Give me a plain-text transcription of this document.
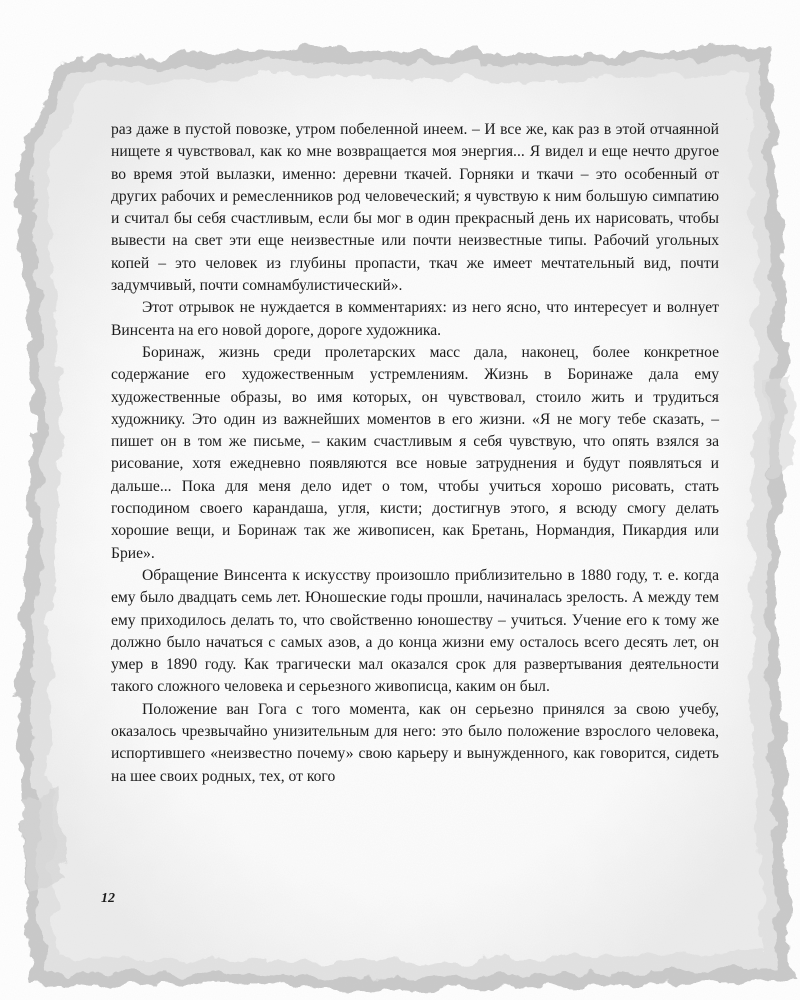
раз даже в пустой повозке, утром побеленной инеем. – И все же, как раз в этой отчаянной нищете я чувствовал, как ко мне возвращается моя энергия... Я видел и еще нечто другое во время этой вылазки, именно: деревни ткачей. Горняки и ткачи – это особенный от других рабочих и ремесленников род человеческий; я чувствую к ним большую симпатию и считал бы себя счастливым, если бы мог в один прекрасный день их нарисовать, чтобы вывести на свет эти еще неизвестные или почти неизвестные типы. Рабочий угольных копей – это человек из глубины пропасти, ткач же имеет мечтательный вид, почти задумчивый, почти сомнамбулистический».

Этот отрывок не нуждается в комментариях: из него ясно, что интересует и волнует Винсента на его новой дороге, дороге художника.

Боринаж, жизнь среди пролетарских масс дала, наконец, более конкретное содержание его художественным устремлениям. Жизнь в Боринаже дала ему художественные образы, во имя которых, он чувствовал, стоило жить и трудиться художнику. Это один из важнейших моментов в его жизни. «Я не могу тебе сказать, – пишет он в том же письме, – каким счастливым я себя чувствую, что опять взялся за рисование, хотя ежедневно появляются все новые затруднения и будут появляться и дальше... Пока для меня дело идет о том, чтобы учиться хорошо рисовать, стать господином своего карандаша, угля, кисти; достигнув этого, я всюду смогу делать хорошие вещи, и Боринаж так же живописен, как Бретань, Нормандия, Пикардия или Брие».

Обращение Винсента к искусству произошло приблизительно в 1880 году, т. е. когда ему было двадцать семь лет. Юношеские годы прошли, начиналась зрелость. А между тем ему приходилось делать то, что свойственно юношеству – учиться. Учение его к тому же должно было начаться с самых азов, а до конца жизни ему осталось всего десять лет, он умер в 1890 году. Как трагически мал оказался срок для развертывания деятельности такого сложного человека и серьезного живописца, каким он был.

Положение ван Гога с того момента, как он серьезно принялся за свою учебу, оказалось чрезвычайно унизительным для него: это было положение взрослого человека, испортившего «неизвестно почему» свою карьеру и вынужденного, как говорится, сидеть на шее своих родных, тех, от кого

12
